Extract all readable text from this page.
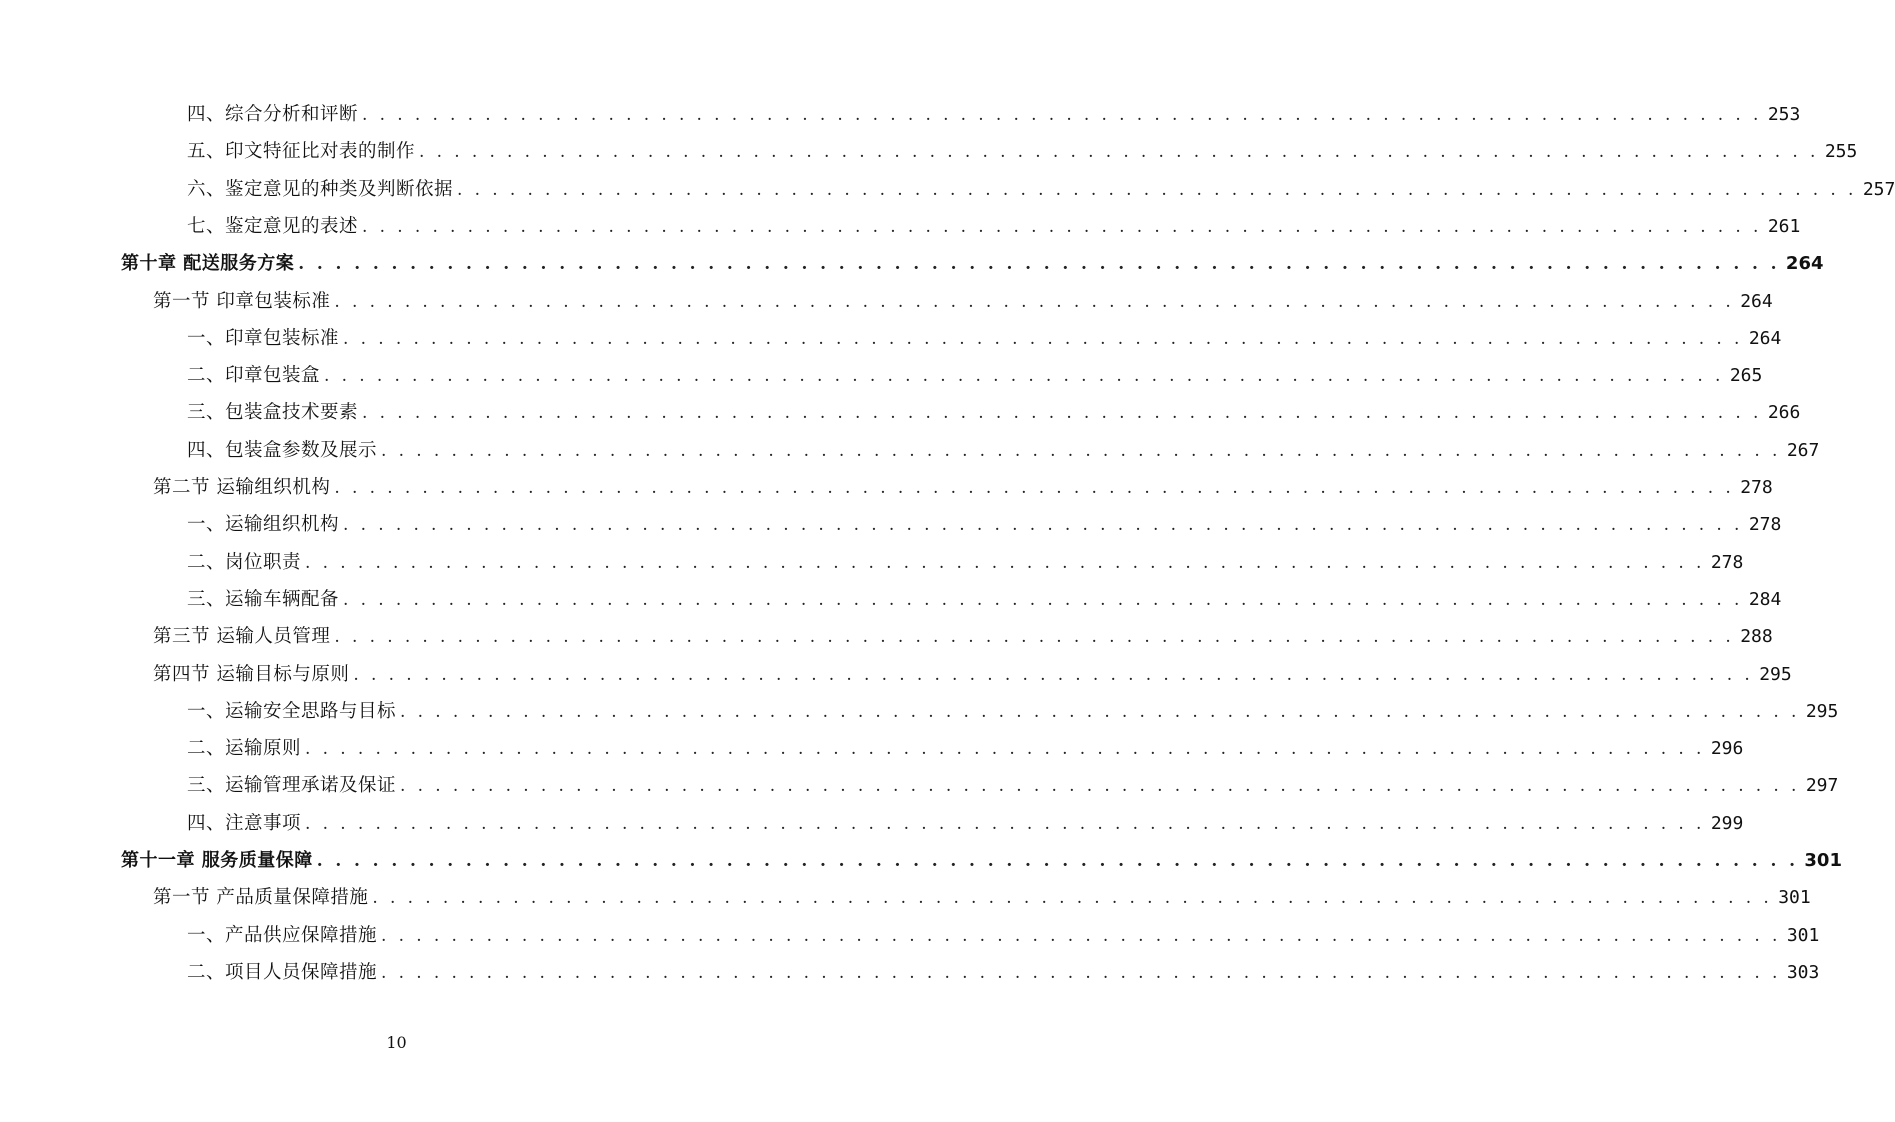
四、综合分析和评断 . . . . . . . . . . . . . . . . . . . . . . . . . . . . . . . . . . . . . . . . . . . . . . . . . . . . . . . . . . . . . . . . . . . . . . . . . . . . . . . . 253
五、印文特征比对表的制作 . . . . . . . . . . . . . . . . . . . . . . . . . . . . . . . . . . . . . . . . . . . . . . . . . . . . . . . . . . . . . . . . . . . . . . . . . . . . . . . . 255
六、鉴定意见的种类及判断依据 . . . . . . . . . . . . . . . . . . . . . . . . . . . . . . . . . . . . . . . . . . . . . . . . . . . . . . . . . . . . . . . . . . . . . . . . . . . . . . . . 257
七、鉴定意见的表述 . . . . . . . . . . . . . . . . . . . . . . . . . . . . . . . . . . . . . . . . . . . . . . . . . . . . . . . . . . . . . . . . . . . . . . . . . . . . . . . . 261
第十章 配送服务方案 . . . . . . . . . . . . . . . . . . . . . . . . . . . . . . . . . . . . . . . . . . . . . . . . . . . . . . . . . . . . . . . . . . . . . . . . . . . . . . . . 264
第一节 印章包装标准 . . . . . . . . . . . . . . . . . . . . . . . . . . . . . . . . . . . . . . . . . . . . . . . . . . . . . . . . . . . . . . . . . . . . . . . . . . . . . . . . 264
一、印章包装标准 . . . . . . . . . . . . . . . . . . . . . . . . . . . . . . . . . . . . . . . . . . . . . . . . . . . . . . . . . . . . . . . . . . . . . . . . . . . . . . . . 264
二、印章包装盒 . . . . . . . . . . . . . . . . . . . . . . . . . . . . . . . . . . . . . . . . . . . . . . . . . . . . . . . . . . . . . . . . . . . . . . . . . . . . . . . . 265
三、包装盒技术要素 . . . . . . . . . . . . . . . . . . . . . . . . . . . . . . . . . . . . . . . . . . . . . . . . . . . . . . . . . . . . . . . . . . . . . . . . . . . . . . . . 266
四、包装盒参数及展示 . . . . . . . . . . . . . . . . . . . . . . . . . . . . . . . . . . . . . . . . . . . . . . . . . . . . . . . . . . . . . . . . . . . . . . . . . . . . . . . . 267
第二节 运输组织机构 . . . . . . . . . . . . . . . . . . . . . . . . . . . . . . . . . . . . . . . . . . . . . . . . . . . . . . . . . . . . . . . . . . . . . . . . . . . . . . . . 278
一、运输组织机构 . . . . . . . . . . . . . . . . . . . . . . . . . . . . . . . . . . . . . . . . . . . . . . . . . . . . . . . . . . . . . . . . . . . . . . . . . . . . . . . . 278
二、岗位职责 . . . . . . . . . . . . . . . . . . . . . . . . . . . . . . . . . . . . . . . . . . . . . . . . . . . . . . . . . . . . . . . . . . . . . . . . . . . . . . . . 278
三、运输车辆配备 . . . . . . . . . . . . . . . . . . . . . . . . . . . . . . . . . . . . . . . . . . . . . . . . . . . . . . . . . . . . . . . . . . . . . . . . . . . . . . . . 284
第三节 运输人员管理 . . . . . . . . . . . . . . . . . . . . . . . . . . . . . . . . . . . . . . . . . . . . . . . . . . . . . . . . . . . . . . . . . . . . . . . . . . . . . . . . 288
第四节 运输目标与原则 . . . . . . . . . . . . . . . . . . . . . . . . . . . . . . . . . . . . . . . . . . . . . . . . . . . . . . . . . . . . . . . . . . . . . . . . . . . . . . . . 295
一、运输安全思路与目标 . . . . . . . . . . . . . . . . . . . . . . . . . . . . . . . . . . . . . . . . . . . . . . . . . . . . . . . . . . . . . . . . . . . . . . . . . . . . . . . . 295
二、运输原则 . . . . . . . . . . . . . . . . . . . . . . . . . . . . . . . . . . . . . . . . . . . . . . . . . . . . . . . . . . . . . . . . . . . . . . . . . . . . . . . . 296
三、运输管理承诺及保证 . . . . . . . . . . . . . . . . . . . . . . . . . . . . . . . . . . . . . . . . . . . . . . . . . . . . . . . . . . . . . . . . . . . . . . . . . . . . . . . . 297
四、注意事项 . . . . . . . . . . . . . . . . . . . . . . . . . . . . . . . . . . . . . . . . . . . . . . . . . . . . . . . . . . . . . . . . . . . . . . . . . . . . . . . . 299
第十一章 服务质量保障 . . . . . . . . . . . . . . . . . . . . . . . . . . . . . . . . . . . . . . . . . . . . . . . . . . . . . . . . . . . . . . . . . . . . . . . . . . . . . . . . 301
第一节 产品质量保障措施 . . . . . . . . . . . . . . . . . . . . . . . . . . . . . . . . . . . . . . . . . . . . . . . . . . . . . . . . . . . . . . . . . . . . . . . . . . . . . . . . 301
一、产品供应保障措施 . . . . . . . . . . . . . . . . . . . . . . . . . . . . . . . . . . . . . . . . . . . . . . . . . . . . . . . . . . . . . . . . . . . . . . . . . . . . . . . . 301
二、项目人员保障措施 . . . . . . . . . . . . . . . . . . . . . . . . . . . . . . . . . . . . . . . . . . . . . . . . . . . . . . . . . . . . . . . . . . . . . . . . . . . . . . . . 303
10
